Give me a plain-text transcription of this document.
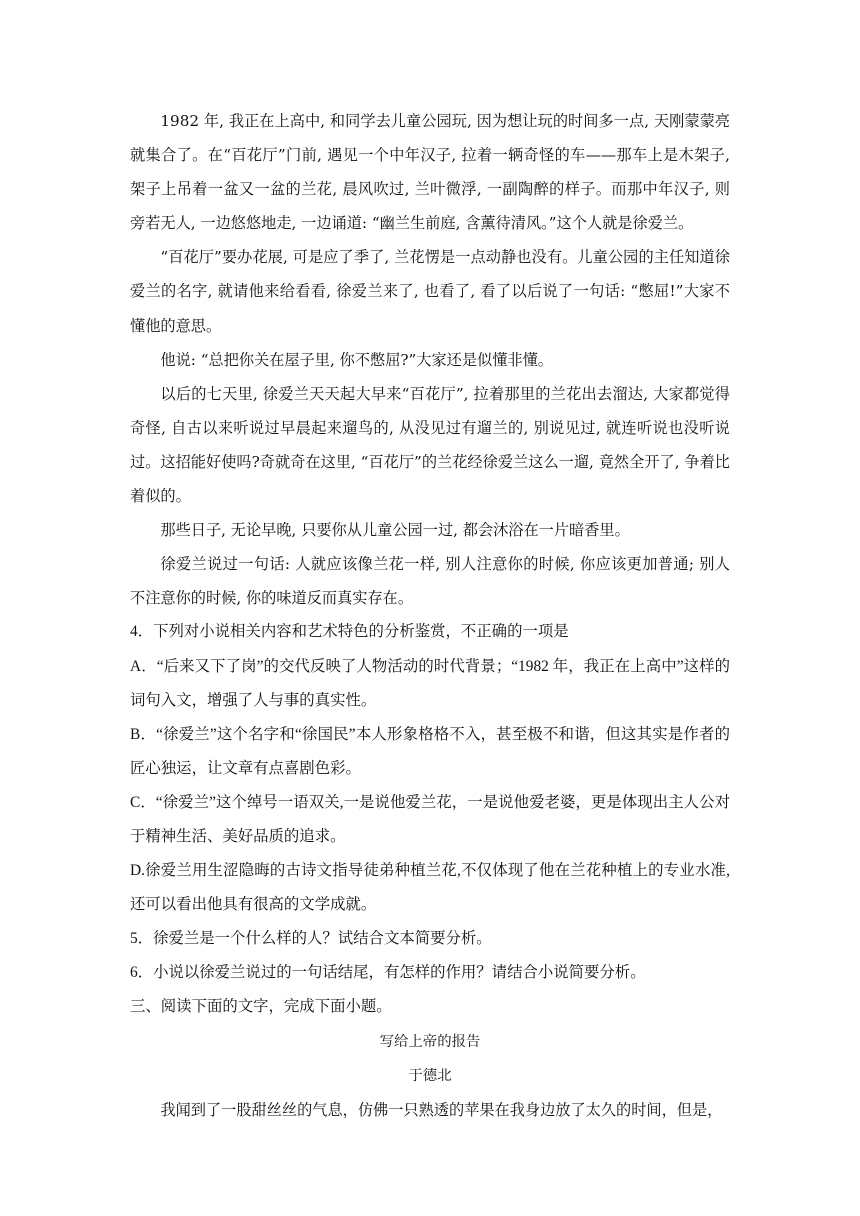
1982 年, 我正在上高中, 和同学去儿童公园玩, 因为想让玩的时间多一点, 天刚蒙蒙亮就集合了。在“百花厅”门前, 遇见一个中年汉子, 拉着一辆奇怪的车——那车上是木架子, 架子上吊着一盆又一盆的兰花, 晨风吹过, 兰叶微浮, 一副陶醉的样子。而那中年汉子, 则旁若无人, 一边悠悠地走, 一边诵道: “幽兰生前庭, 含薰待清风。”这个人就是徐爱兰。

“百花厅”要办花展, 可是应了季了, 兰花愣是一点动静也没有。儿童公园的主任知道徐爱兰的名字, 就请他来给看看, 徐爱兰来了, 也看了, 看了以后说了一句话: “憋屈!”大家不懂他的意思。

他说: “总把你关在屋子里, 你不憋屈?”大家还是似懂非懂。

以后的七天里, 徐爱兰天天起大早来“百花厅”, 拉着那里的兰花出去溜达, 大家都觉得奇怪, 自古以来听说过早晨起来遛鸟的, 从没见过有遛兰的, 别说见过, 就连听说也没听说过。这招能好使吗?奇就奇在这里, “百花厅”的兰花经徐爱兰这么一遛, 竟然全开了, 争着比着似的。

那些日子, 无论早晚, 只要你从儿童公园一过, 都会沐浴在一片暗香里。

徐爱兰说过一句话: 人就应该像兰花一样, 别人注意你的时候, 你应该更加普通; 别人不注意你的时候, 你的味道反而真实存在。

4．下列对小说相关内容和艺术特色的分析鉴赏，不正确的一项是

A．“后来又下了岗”的交代反映了人物活动的时代背景；“1982 年，我正在上高中”这样的词句入文，增强了人与事的真实性。

B．“徐爱兰”这个名字和“徐国民”本人形象格格不入，甚至极不和谐，但这其实是作者的匠心独运，让文章有点喜剧色彩。

C．“徐爱兰”这个绰号一语双关,一是说他爱兰花，一是说他爱老婆，更是体现出主人公对于精神生活、美好品质的追求。

D.徐爱兰用生涩隐晦的古诗文指导徒弟种植兰花,不仅体现了他在兰花种植上的专业水准,还可以看出他具有很高的文学成就。

5．徐爱兰是一个什么样的人？试结合文本简要分析。

6．小说以徐爱兰说过的一句话结尾，有怎样的作用？请结合小说简要分析。

三、阅读下面的文字，完成下面小题。

写给上帝的报告

于德北

我闻到了一股甜丝丝的气息，仿佛一只熟透的苹果在我身边放了太久的时间，但是，
